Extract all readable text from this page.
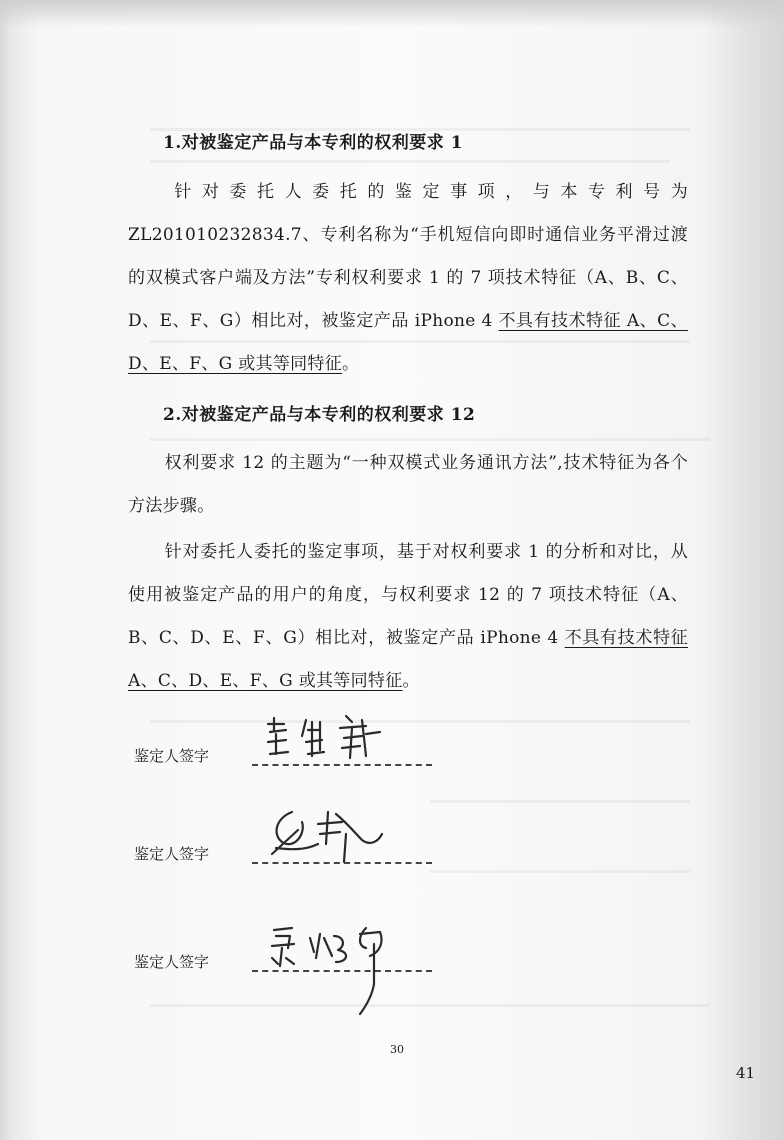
1.对被鉴定产品与本专利的权利要求 1

针对委托人委托的鉴定事项，与本专利号为 ZL201010232834.7、专利名称为“手机短信向即时通信业务平滑过渡的双模式客户端及方法”专利权利要求 1 的 7 项技术特征（A、B、C、D、E、F、G）相比对，被鉴定产品 iPhone 4 不具有技术特征 A、C、D、E、F、G 或其等同特征。

2.对被鉴定产品与本专利的权利要求 12

权利要求 12 的主题为“一种双模式业务通讯方法”,技术特征为各个方法步骤。

针对委托人委托的鉴定事项，基于对权利要求 1 的分析和对比，从使用被鉴定产品的用户的角度，与权利要求 12 的 7 项技术特征（A、B、C、D、E、F、G）相比对，被鉴定产品 iPhone 4 不具有技术特征 A、C、D、E、F、G 或其等同特征。

鉴定人签字
鉴定人签字
鉴定人签字
30
41
